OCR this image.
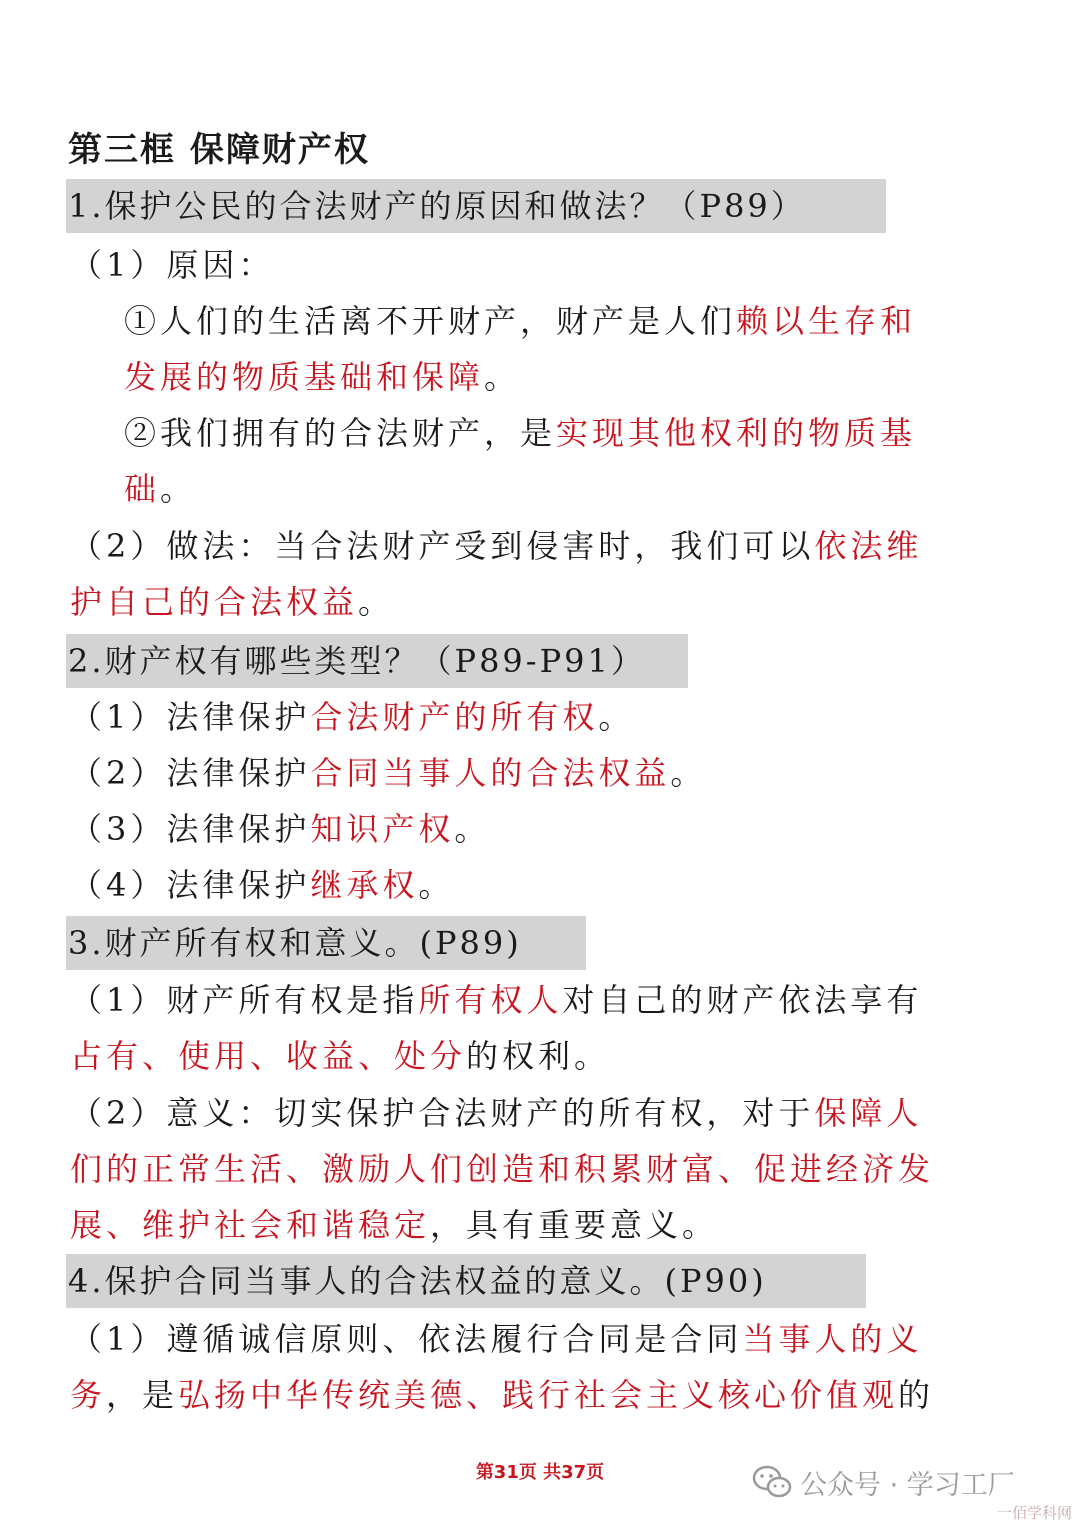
第三框 保障财产权
1.保护公民的合法财产的原因和做法？（P89）
（1）原因：
①人们的生活离不开财产，财产是人们赖以生存和
发展的物质基础和保障。
②我们拥有的合法财产，是实现其他权利的物质基
础。
（2）做法：当合法财产受到侵害时，我们可以依法维
护自己的合法权益。
2.财产权有哪些类型？（P89-P91）
（1）法律保护合法财产的所有权。
（2）法律保护合同当事人的合法权益。
（3）法律保护知识产权。
（4）法律保护继承权。
3.财产所有权和意义。(P89)
（1）财产所有权是指所有权人对自己的财产依法享有
占有、使用、收益、处分的权利。
（2）意义：切实保护合法财产的所有权，对于保障人
们的正常生活、激励人们创造和积累财富、促进经济发
展、维护社会和谐稳定，具有重要意义。
4.保护合同当事人的合法权益的意义。(P90)
（1）遵循诚信原则、依法履行合同是合同当事人的义
务，是弘扬中华传统美德、践行社会主义核心价值观的
第31页 共37页	公众号 · 学习工厂
一佰学科网
